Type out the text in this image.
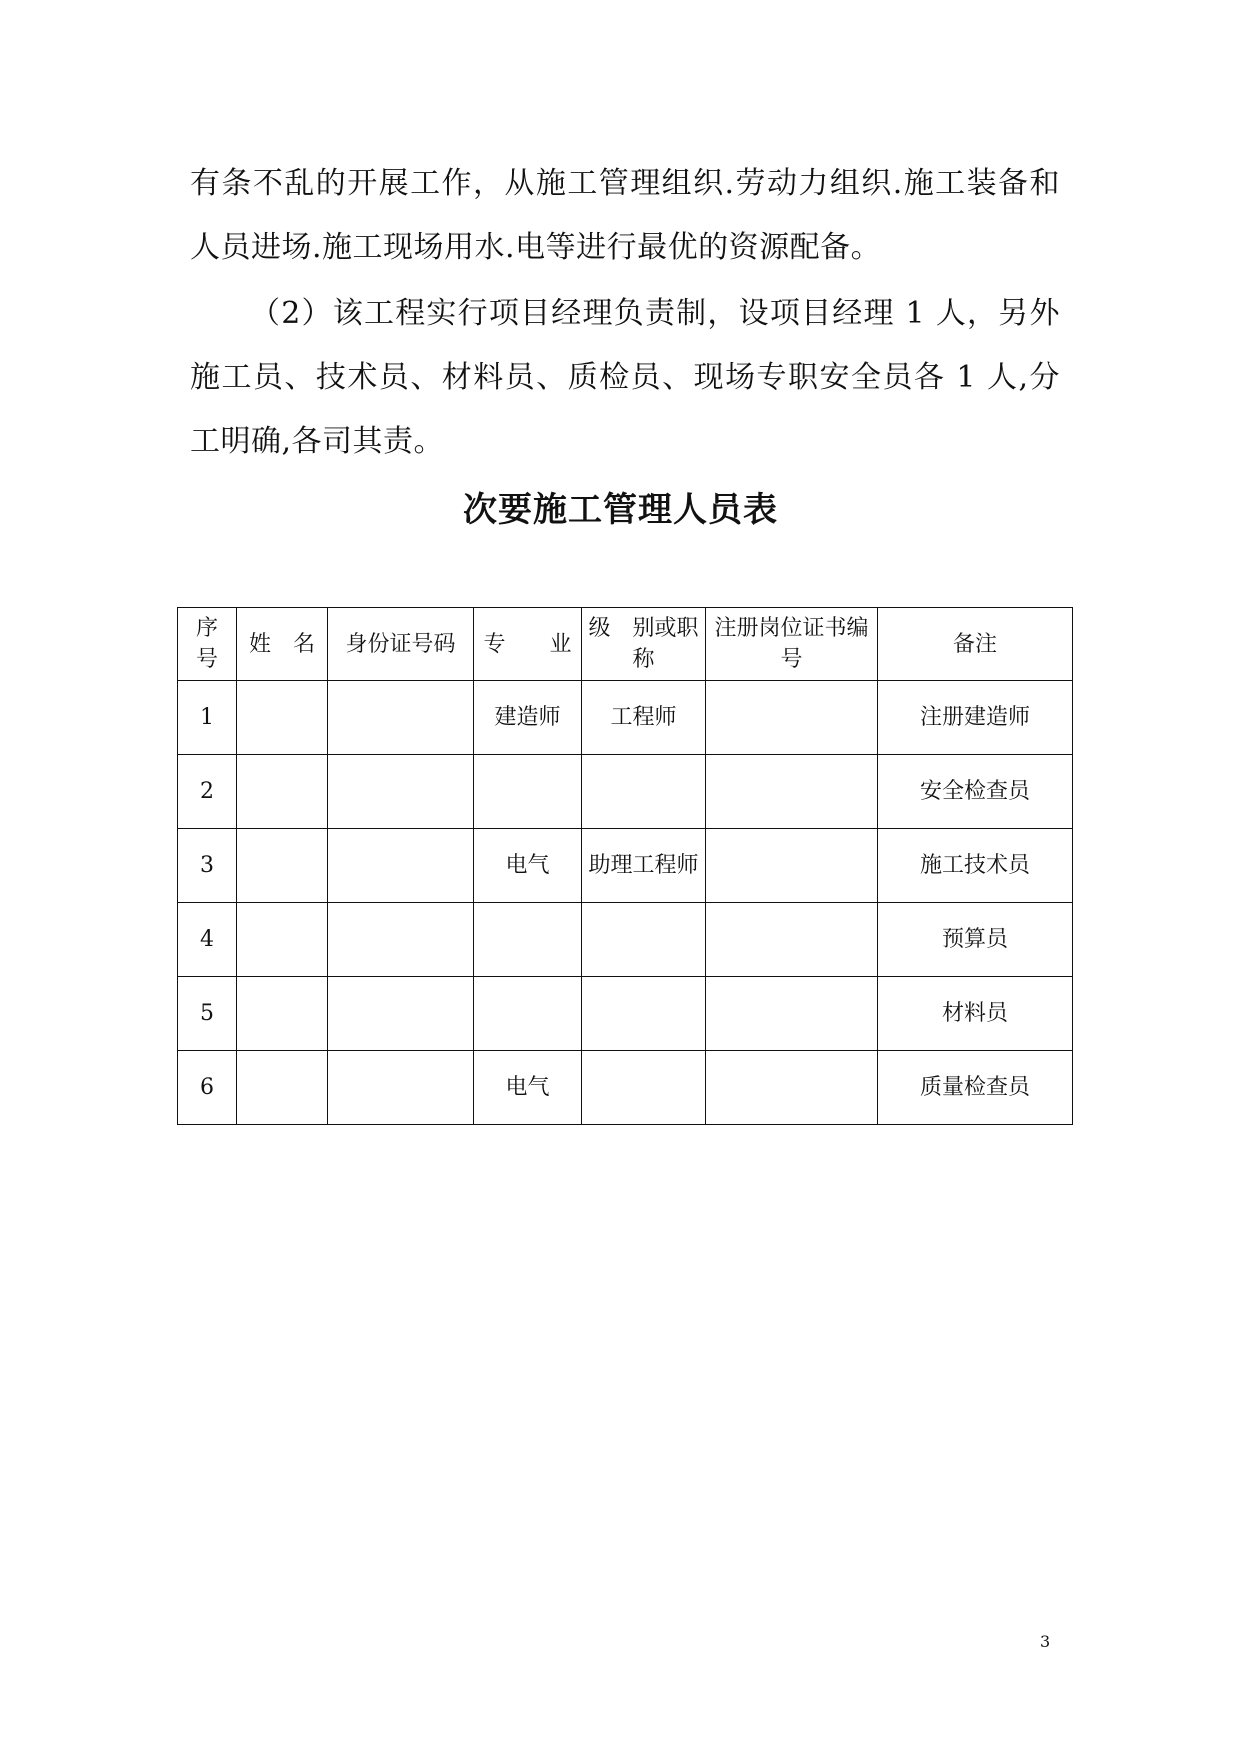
有条不乱的开展工作，从施工管理组织.劳动力组织.施工装备和人员进场.施工现场用水.电等进行最优的资源配备。

（2）该工程实行项目经理负责制，设项目经理 1 人，另外施工员、技术员、材料员、质检员、现场专职安全员各 1 人,分工明确,各司其责。

次要施工管理人员表
序号	姓　名	身份证号码	专　　业	级　别或职称	注册岗位证书编号	备注
1			建造师	工程师		注册建造师
2						安全检查员
3			电气	助理工程师		施工技术员
4						预算员
5						材料员
6			电气			质量检查员
3
